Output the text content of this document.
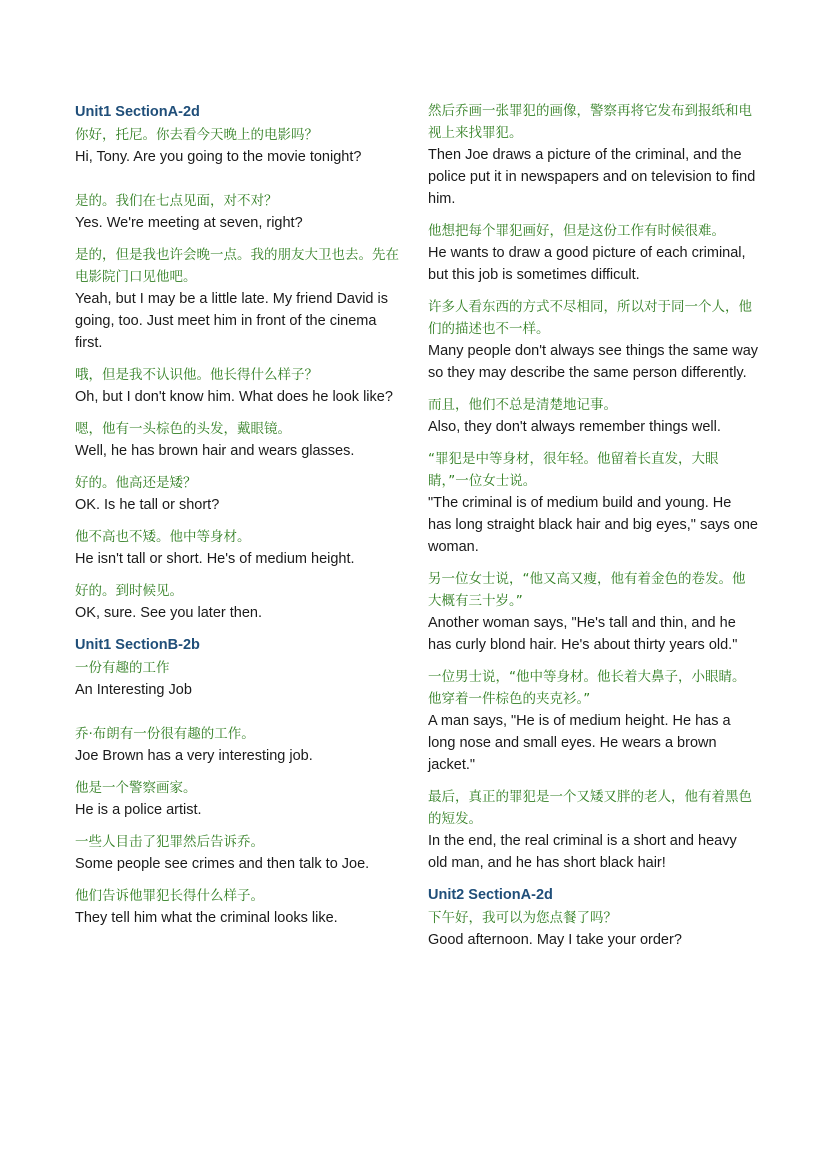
Unit1 SectionA-2d
你好，托尼。你去看今天晚上的电影吗？
Hi, Tony. Are you going to the movie tonight?
是的。我们在七点见面，对不对？
Yes. We're meeting at seven, right?
是的，但是我也许会晚一点。我的朋友大卫也去。先在电影院门口见他吧。
Yeah, but I may be a little late. My friend David is going, too. Just meet him in front of the cinema first.
哦，但是我不认识他。他长得什么样子？
Oh, but I don't know him. What does he look like?
嗯，他有一头棕色的头发，戴眼镜。
Well, he has brown hair and wears glasses.
好的。他高还是矮？
OK. Is he tall or short?
他不高也不矮。他中等身材。
He isn't tall or short. He's of medium height.
好的。到时候见。
OK, sure. See you later then.
Unit1 SectionB-2b
一份有趣的工作
An Interesting Job
乔·布朗有一份很有趣的工作。
Joe Brown has a very interesting job.
他是一个警察画家。
He is a police artist.
一些人目击了犯罪然后告诉乔。
Some people see crimes and then talk to Joe.
他们告诉他罪犯长得什么样子。
They tell him what the criminal looks like.
然后乔画一张罪犯的画像，警察再将它发布到报纸和电视上来找罪犯。
Then Joe draws a picture of the criminal, and the police put it in newspapers and on television to find him.
他想把每个罪犯画好，但是这份工作有时候很难。
He wants to draw a good picture of each criminal, but this job is sometimes difficult.
许多人看东西的方式不尽相同，所以对于同一个人，他们的描述也不一样。
Many people don't always see things the same way so they may describe the same person differently.
而且，他们不总是清楚地记事。
Also, they don't always remember things well.
“罪犯是中等身材，很年轻。他留着长直发，大眼睛，”一位女士说。
"The criminal is of medium build and young. He has long straight black hair and big eyes," says one woman.
另一位女士说，“他又高又瘦，他有着金色的卷发。他大概有三十岁。”
Another woman says, "He's tall and thin, and he has curly blond hair. He's about thirty years old."
一位男士说，“他中等身材。他长着大鼻子，小眼睛。他穿着一件棕色的夹克衫。”
A man says, "He is of medium height. He has a long nose and small eyes. He wears a brown jacket."
最后，真正的罪犯是一个又矮又胖的老人，他有着黑色的短发。
In the end, the real criminal is a short and heavy old man, and he has short black hair!
Unit2 SectionA-2d
下午好，我可以为您点餐了吗？
Good afternoon. May I take your order?
